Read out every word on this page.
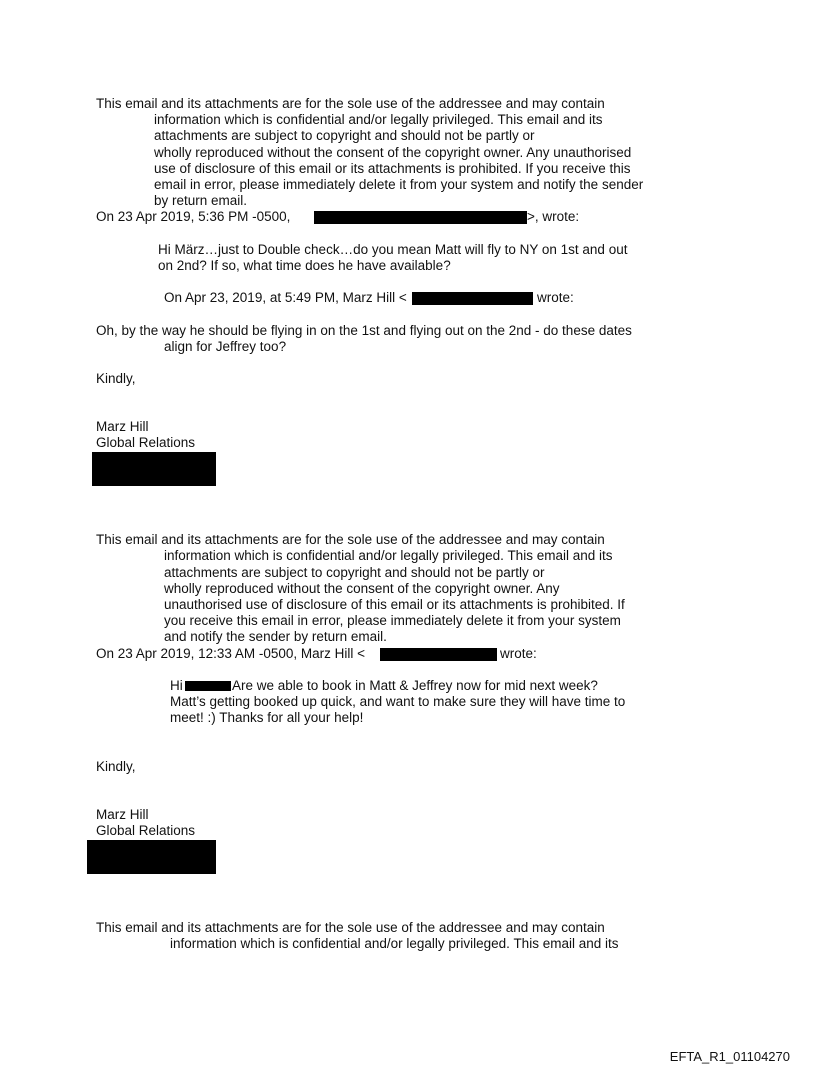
This email and its attachments are for the sole use of the addressee and may contain
information which is confidential and/or legally privileged. This email and its
attachments are subject to copyright and should not be partly or
wholly reproduced without the consent of the copyright owner. Any unauthorised
use of disclosure of this email or its attachments is prohibited. If you receive this
email in error, please immediately delete it from your system and notify the sender
by return email.
On 23 Apr 2019, 5:36 PM -0500,	>, wrote:
Hi März…just to Double check…do you mean Matt will fly to NY on 1st and out
on 2nd? If so, what time does he have available?
On Apr 23, 2019, at 5:49 PM, Marz Hill <	wrote:
Oh, by the way he should be flying in on the 1st and flying out on the 2nd - do these dates
align for Jeffrey too?
Kindly,
Marz Hill
Global Relations
This email and its attachments are for the sole use of the addressee and may contain
information which is confidential and/or legally privileged. This email and its
attachments are subject to copyright and should not be partly or
wholly reproduced without the consent of the copyright owner. Any
unauthorised use of disclosure of this email or its attachments is prohibited. If
you receive this email in error, please immediately delete it from your system
and notify the sender by return email.
On 23 Apr 2019, 12:33 AM -0500, Marz Hill <	wrote:
Hi	Are we able to book in Matt & Jeffrey now for mid next week?
Matt’s getting booked up quick, and want to make sure they will have time to
meet! :) Thanks for all your help!
Kindly,
Marz Hill
Global Relations
This email and its attachments are for the sole use of the addressee and may contain
information which is confidential and/or legally privileged. This email and its
EFTA_R1_01104270
